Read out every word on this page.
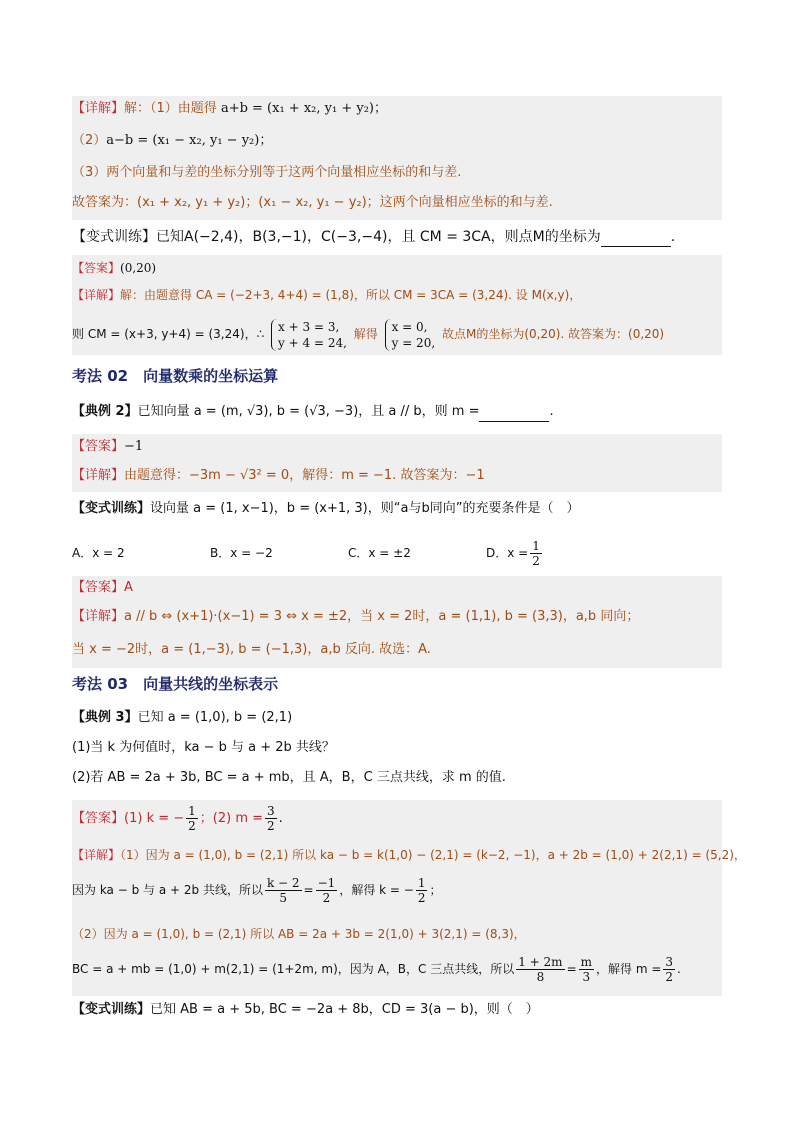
【详解】解：（1）由题得 a+b = (x₁ + x₂, y₁ + y₂)；
（2）a−b = (x₁ − x₂, y₁ − y₂)；
（3）两个向量和与差的坐标分别等于这两个向量相应坐标的和与差.
故答案为：(x₁ + x₂, y₁ + y₂)；(x₁ − x₂, y₁ − y₂)；这两个向量相应坐标的和与差.
【变式训练】已知A(−2,4)，B(3,−1)，C(−3,−4)，且 CM = 3CA，则点M的坐标为	.
【答案】(0,20)
【详解】解：由题意得 CA = (−2+3, 4+4) = (1,8)，所以 CM = 3CA = (3,24). 设 M(x,y)，
则 CM = (x+3, y+4) = (3,24)，∴ x + 3 = 3,
y + 4 = 24, 解得 x = 0,
y = 20, 故点M的坐标为(0,20). 故答案为：(0,20)
考法 02　向量数乘的坐标运算
【典例 2】已知向量 a = (m, √3), b = (√3, −3)，且 a // b，则 m =	.
【答案】−1
【详解】由题意得：−3m − √3² = 0，解得：m = −1. 故答案为：−1
【变式训练】设向量 a = (1, x−1)，b = (x+1, 3)，则“a与b同向”的充要条件是（　）
A．x = 2	B．x = −2	C．x = ±2	D．$x = \frac{1}{2}$
【答案】A
【详解】a // b ⇔ (x+1)·(x−1) = 3 ⇔ x = ±2，当 x = 2时，a = (1,1), b = (3,3)，a,b 同向；
当 x = −2时，a = (1,−3), b = (−1,3)，a,b 反向. 故选：A.
考法 03　向量共线的坐标表示
【典例 3】已知 a = (1,0), b = (2,1)
(1)当 k 为何值时，ka − b 与 a + 2b 共线？
(2)若 AB = 2a + 3b, BC = a + mb，且 A，B，C 三点共线，求 m 的值.
【答案】(1) k = − $\frac{1}{2}$ ；(2) $m = \frac{3}{2}$ .
【详解】（1）因为 a = (1,0), b = (2,1) 所以 ka − b = k(1,0) − (2,1) = (k−2, −1)，a + 2b = (1,0) + 2(2,1) = (5,2)，
因为 ka − b 与 a + 2b 共线，所以 $\frac{k - 2}{5} = \frac{-1}{2}$ ，解得 k = − $\frac{1}{2}$ ；
（2）因为 a = (1,0), b = (2,1) 所以 AB = 2a + 3b = 2(1,0) + 3(2,1) = (8,3)，
BC = a + mb = (1,0) + m(2,1) = (1+2m, m)，因为 A，B，C 三点共线，所以 $\frac{1 + 2m}{8} = \frac{m}{3}$ ，解得 $m = \frac{3}{2}$ .
【变式训练】已知 AB = a + 5b, BC = −2a + 8b，CD = 3(a − b)，则（　）
